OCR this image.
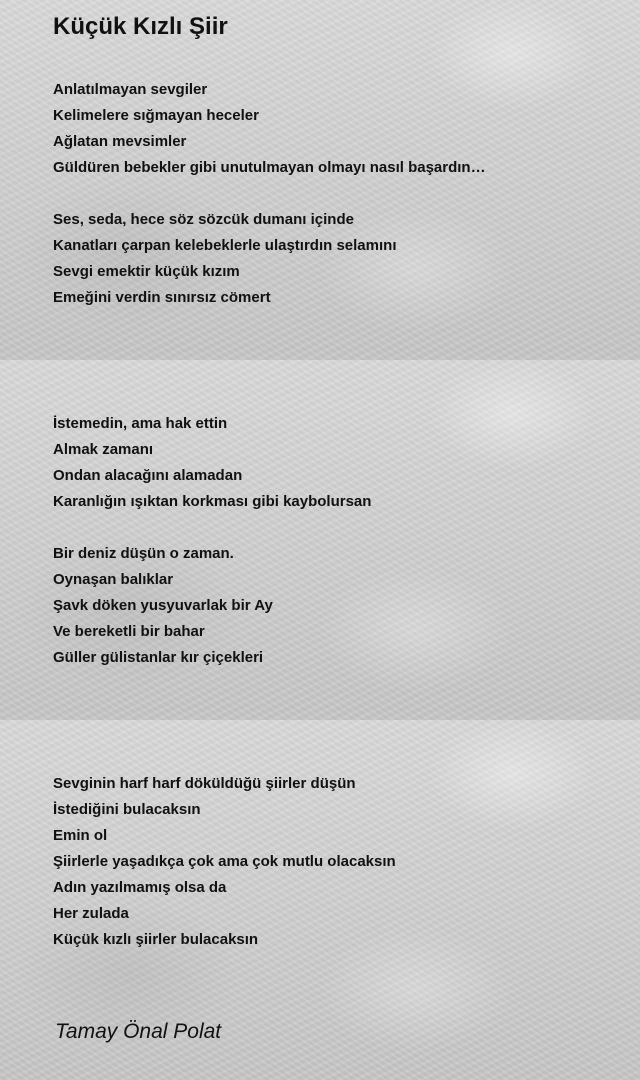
Küçük Kızlı Şiir
Anlatılmayan sevgiler
Kelimelere sığmayan heceler
Ağlatan mevsimler
Güldüren bebekler gibi unutulmayan olmayı nasıl başardın…
Ses, seda, hece söz sözcük dumanı içinde
Kanatları çarpan kelebeklerle ulaştırdın selamını
Sevgi emektir küçük kızım
Emeğini verdin sınırsız cömert
İstemedin, ama hak ettin
Almak zamanı
Ondan alacağını alamadan
Karanlığın ışıktan korkması gibi kaybolursan
Bir deniz düşün o zaman.
Oynaşan balıklar
Şavk döken yusyuvarlak bir Ay
Ve bereketli bir bahar
Güller gülistanlar kır çiçekleri
Sevginin harf harf döküldüğü şiirler düşün
İstediğini bulacaksın
Emin ol
Şiirlerle yaşadıkça çok ama çok mutlu olacaksın
Adın yazılmamış olsa da
Her zulada
Küçük kızlı şiirler bulacaksın
Tamay Önal Polat
